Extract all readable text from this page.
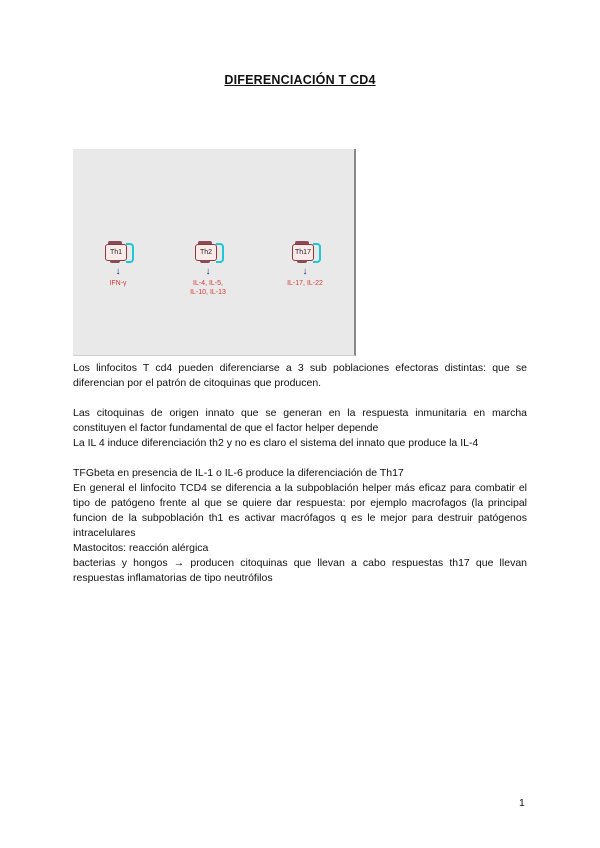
DIFERENCIACIÓN T CD4
Th1
↓
IFN-γ
Th2
↓
IL-4, IL-5,
IL-10, IL-13
Th17
↓
IL-17, IL-22

Los linfocitos T cd4 pueden diferenciarse a 3 sub poblaciones efectoras distintas: que se diferencian por el patrón de citoquinas que producen.

Las citoquinas de origen innato que se generan en la respuesta inmunitaria en marcha constituyen el factor fundamental de que el factor helper depende

La IL 4 induce diferenciación th2 y no es claro el sistema del innato que produce la IL-4

TFGbeta en presencia de IL-1 o IL-6 produce la diferenciación de Th17

En general el linfocito TCD4 se diferencia a la subpoblación helper más eficaz para combatir el tipo de patógeno frente al que se quiere dar respuesta: por ejemplo macrofagos (la principal funcion de la subpoblación th1 es activar macrófagos q es le mejor para destruir patógenos intracelulares

Mastocitos: reacción alérgica

bacterias y hongos → producen citoquinas que llevan a cabo respuestas th17 que llevan respuestas inflamatorias de tipo neutrófilos

1
